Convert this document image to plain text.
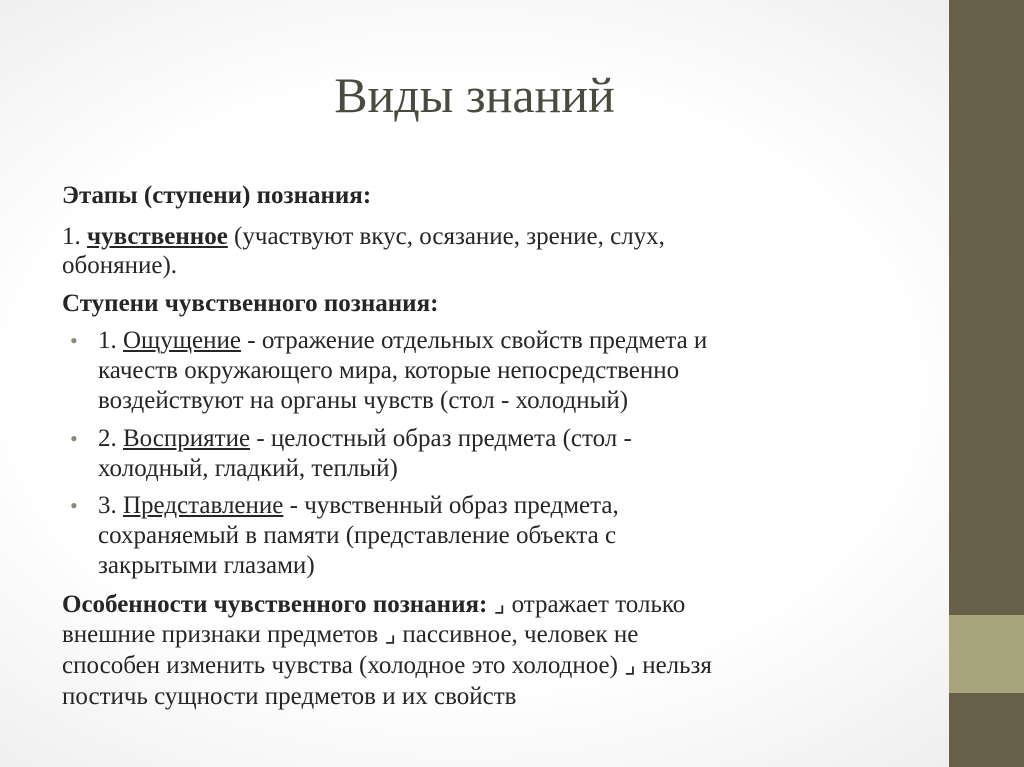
Виды знаний
Этапы (ступени) познания:
1. чувственное (участвуют вкус, осязание, зрение, слух,
обоняние).
Ступени чувственного познания:
• 1. Ощущение - отражение отдельных свойств предмета и
качеств окружающего мира, которые непосредственно
воздействуют на органы чувств (стол - холодный)
• 2. Восприятие - целостный образ предмета (стол -
холодный, гладкий, теплый)
• 3. Представление - чувственный образ предмета,
сохраняемый в памяти (представление объекта с
закрытыми глазами)
Особенности чувственного познания: ⌟ отражает только
внешние признаки предметов ⌟ пассивное, человек не
способен изменить чувства (холодное это холодное) ⌟ нельзя
постичь сущности предметов и их свойств
